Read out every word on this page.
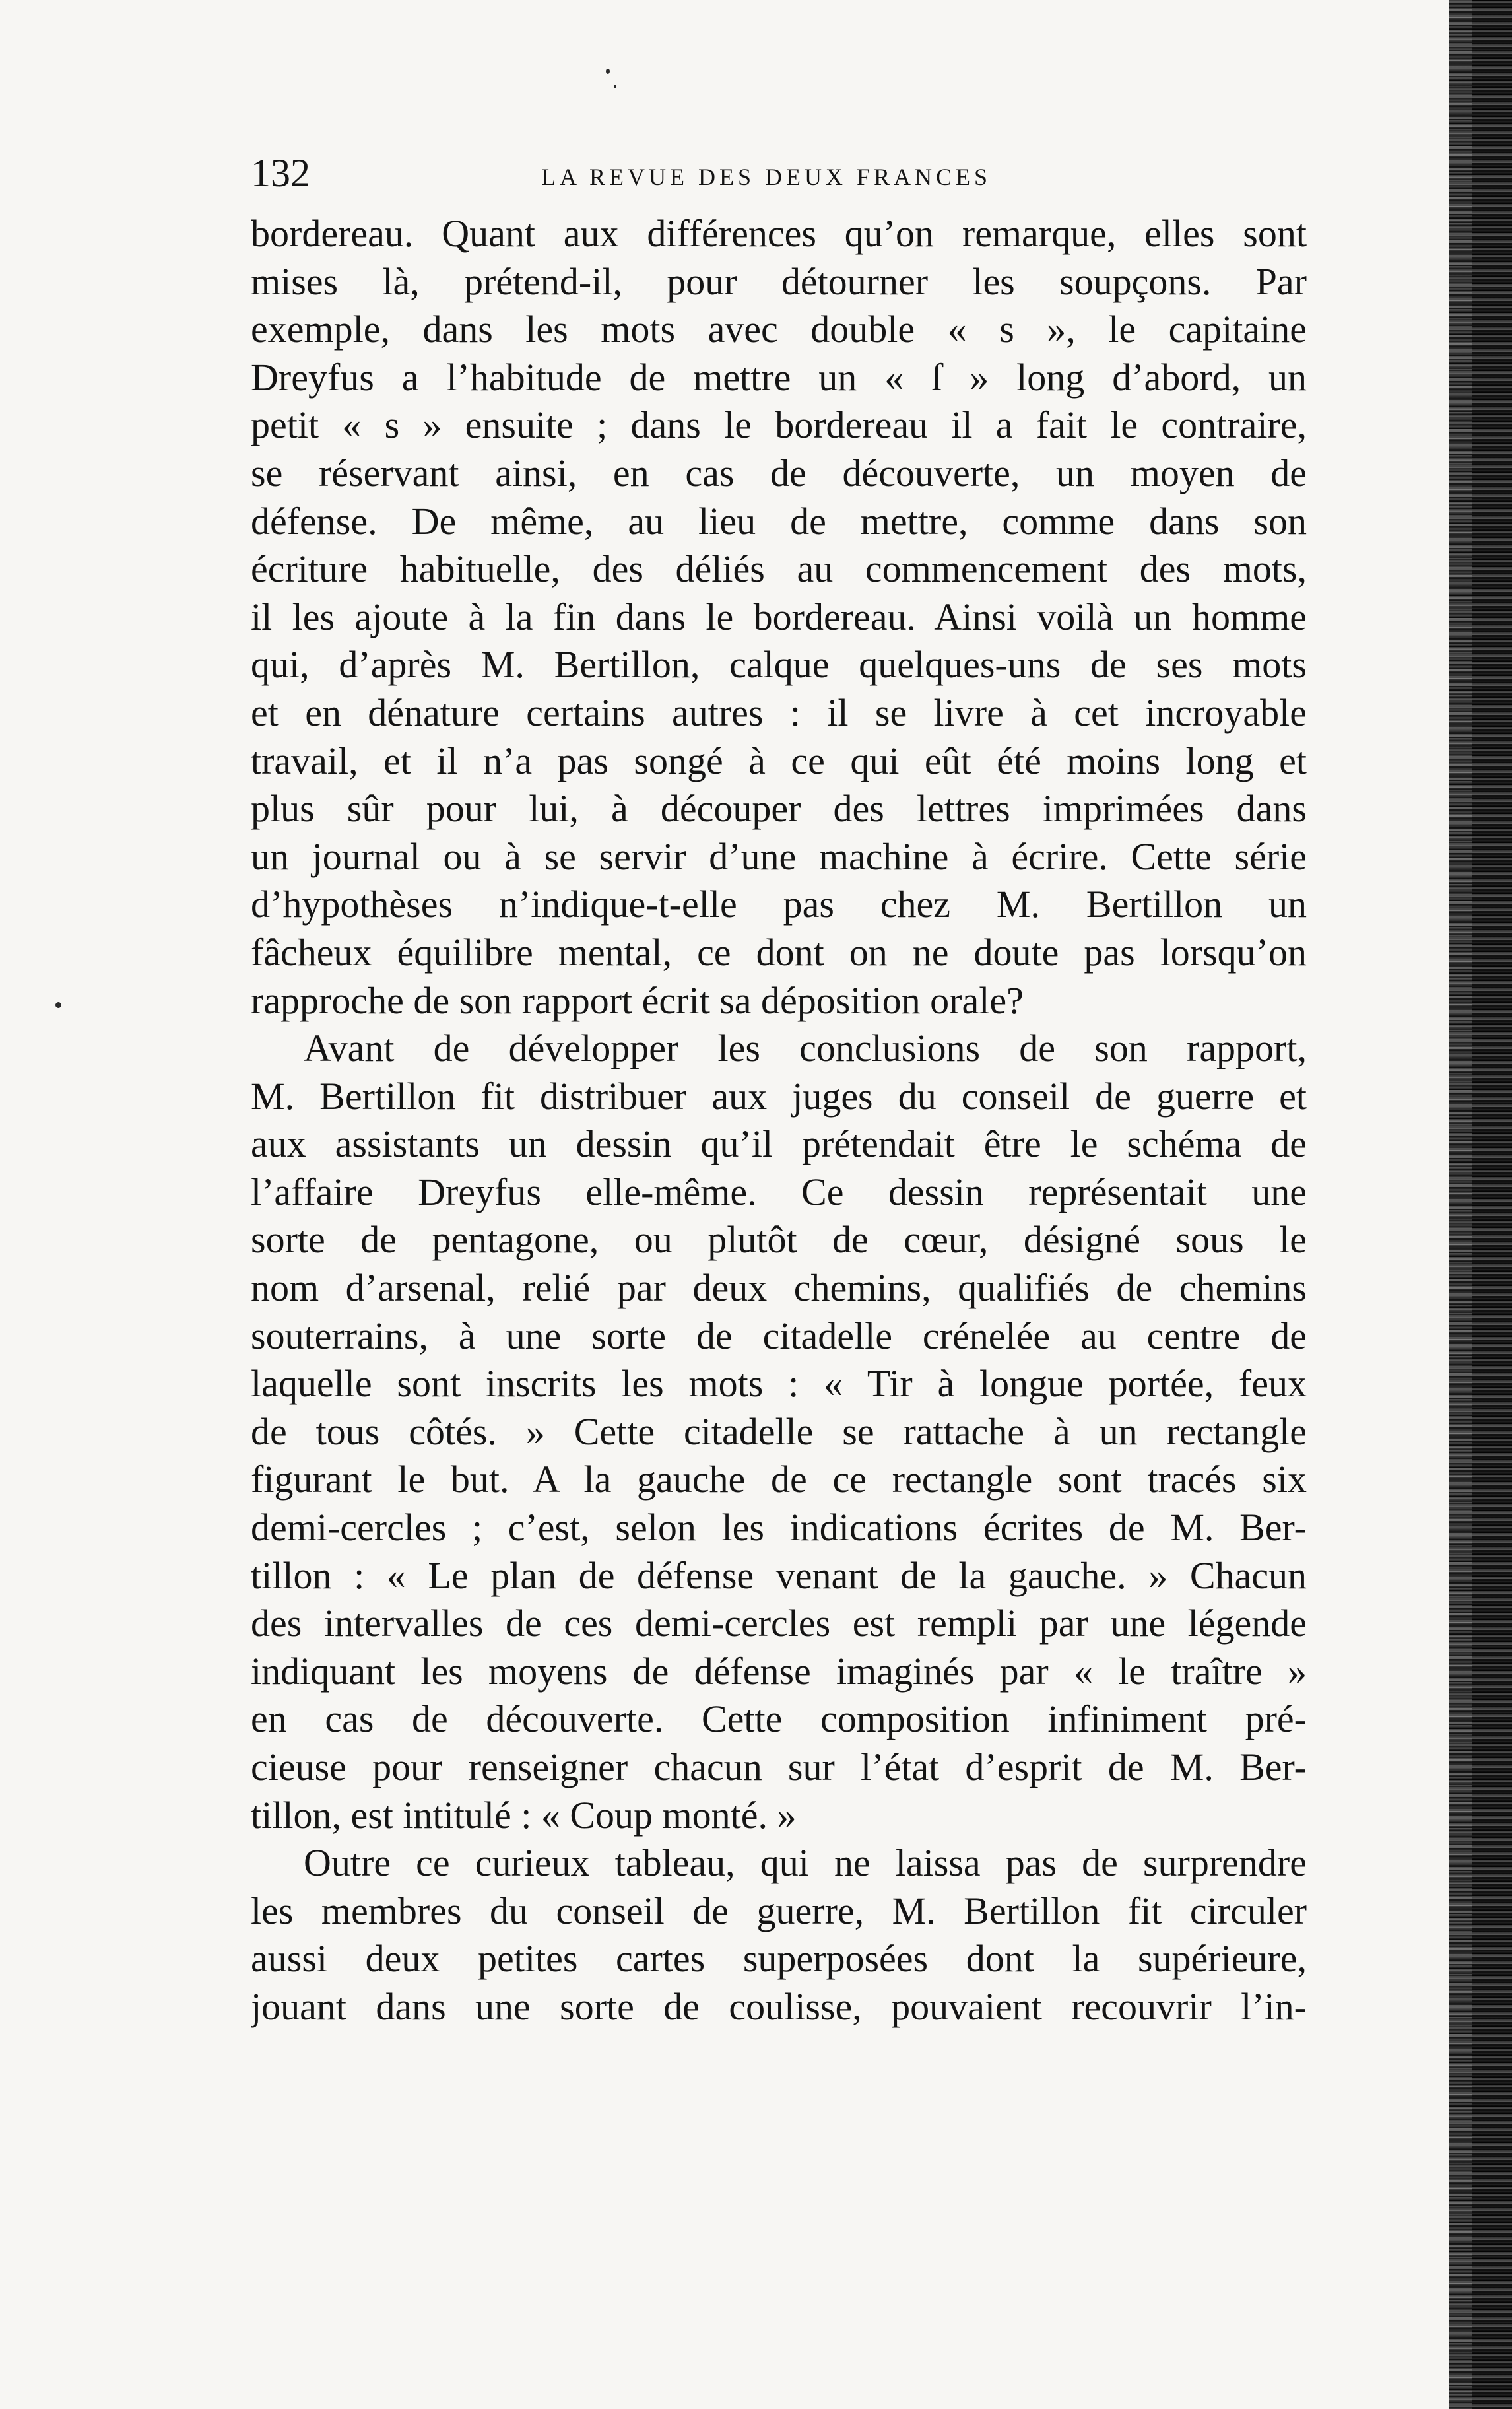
132	LA REVUE DES DEUX FRANCES
bordereau. Quant aux différences qu’on remarque, elles sont
mises là, prétend-il, pour détourner les soupçons. Par
exemple, dans les mots avec double « s », le capitaine
Dreyfus a l’habitude de mettre un « ſ » long d’abord, un
petit « s » ensuite ; dans le bordereau il a fait le contraire,
se réservant ainsi, en cas de découverte, un moyen de
défense. De même, au lieu de mettre, comme dans son
écriture habituelle, des déliés au commencement des mots,
il les ajoute à la fin dans le bordereau. Ainsi voilà un homme
qui, d’après M. Bertillon, calque quelques-uns de ses mots
et en dénature certains autres : il se livre à cet incroyable
travail, et il n’a pas songé à ce qui eût été moins long et
plus sûr pour lui, à découper des lettres imprimées dans
un journal ou à se servir d’une machine à écrire. Cette série
d’hypothèses n’indique-t-elle pas chez M. Bertillon un
fâcheux équilibre mental, ce dont on ne doute pas lorsqu’on
rapproche de son rapport écrit sa déposition orale?
Avant de développer les conclusions de son rapport,
M. Bertillon fit distribuer aux juges du conseil de guerre et
aux assistants un dessin qu’il prétendait être le schéma de
l’affaire Dreyfus elle-même. Ce dessin représentait une
sorte de pentagone, ou plutôt de cœur, désigné sous le
nom d’arsenal, relié par deux chemins, qualifiés de chemins
souterrains, à une sorte de citadelle crénelée au centre de
laquelle sont inscrits les mots : « Tir à longue portée, feux
de tous côtés. » Cette citadelle se rattache à un rectangle
figurant le but. A la gauche de ce rectangle sont tracés six
demi-cercles ; c’est, selon les indications écrites de M. Ber-
tillon : « Le plan de défense venant de la gauche. » Chacun
des intervalles de ces demi-cercles est rempli par une légende
indiquant les moyens de défense imaginés par « le traître »
en cas de découverte. Cette composition infiniment pré-
cieuse pour renseigner chacun sur l’état d’esprit de M. Ber-
tillon, est intitulé : « Coup monté. »
Outre ce curieux tableau, qui ne laissa pas de surprendre
les membres du conseil de guerre, M. Bertillon fit circuler
aussi deux petites cartes superposées dont la supérieure,
jouant dans une sorte de coulisse, pouvaient recouvrir l’in-
